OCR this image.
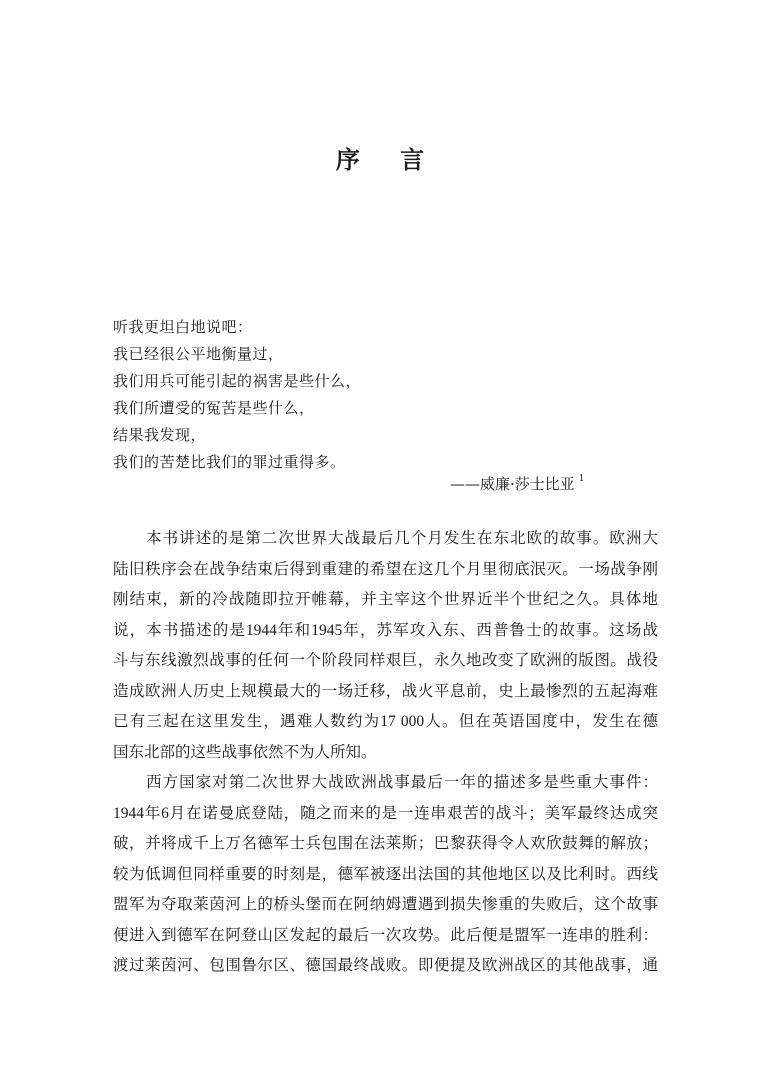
序 言
听我更坦白地说吧：
我已经很公平地衡量过，
我们用兵可能引起的祸害是些什么，
我们所遭受的冤苦是些什么，
结果我发现，
我们的苦楚比我们的罪过重得多。
——威廉·莎士比亚 $^1$
　　本书讲述的是第二次世界大战最后几个月发生在东北欧的故事。欧洲大
陆旧秩序会在战争结束后得到重建的希望在这几个月里彻底泯灭。一场战争刚
刚结束，新的冷战随即拉开帷幕，并主宰这个世界近半个世纪之久。具体地
说，本书描述的是1944年和1945年，苏军攻入东、西普鲁士的故事。这场战
斗与东线激烈战事的任何一个阶段同样艰巨，永久地改变了欧洲的版图。战役
造成欧洲人历史上规模最大的一场迁移，战火平息前，史上最惨烈的五起海难
已有三起在这里发生，遇难人数约为17 000人。但在英语国度中，发生在德
国东北部的这些战事依然不为人所知。
　　西方国家对第二次世界大战欧洲战事最后一年的描述多是些重大事件：
1944年6月在诺曼底登陆，随之而来的是一连串艰苦的战斗；美军最终达成突
破，并将成千上万名德军士兵包围在法莱斯；巴黎获得令人欢欣鼓舞的解放；
较为低调但同样重要的时刻是，德军被逐出法国的其他地区以及比利时。西线
盟军为夺取莱茵河上的桥头堡而在阿纳姆遭遇到损失惨重的失败后，这个故事
便进入到德军在阿登山区发起的最后一次攻势。此后便是盟军一连串的胜利：
渡过莱茵河、包围鲁尔区、德国最终战败。即便提及欧洲战区的其他战事，通
